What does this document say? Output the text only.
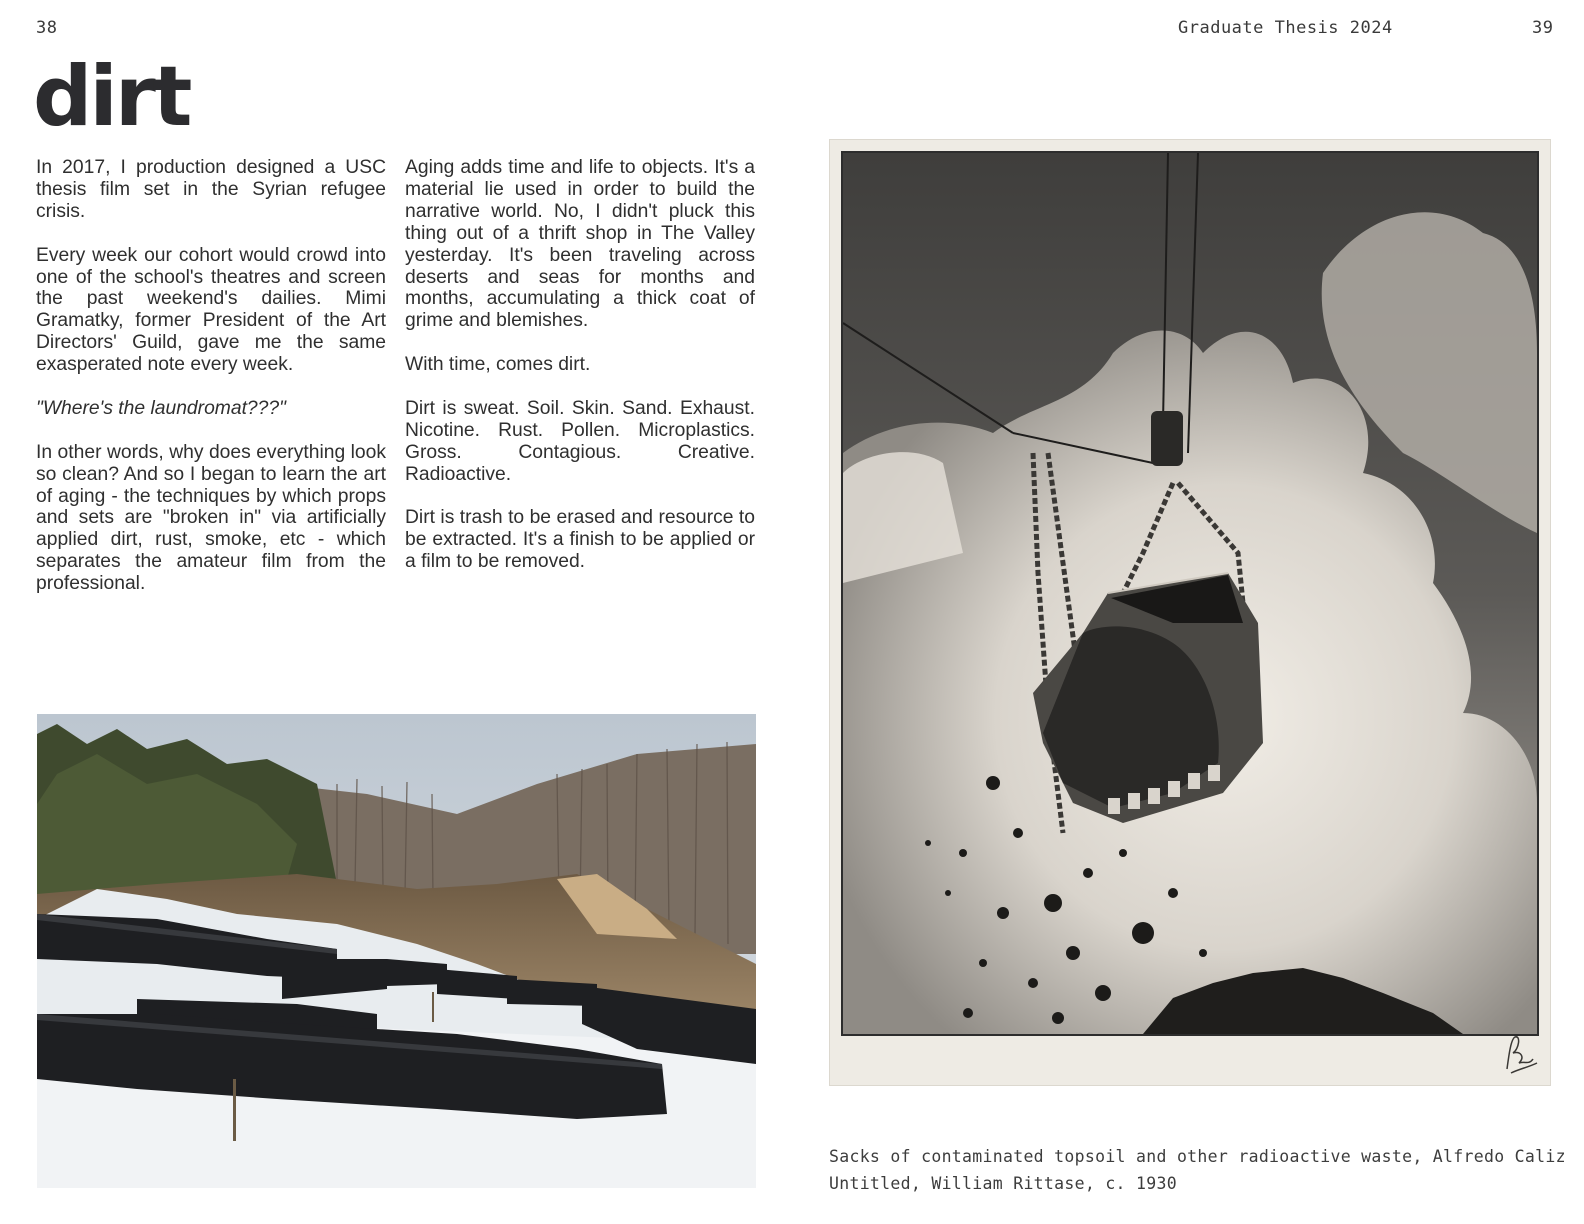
38	Graduate Thesis 2024	39
dirt

In 2017, I production designed a USC thesis film set in the Syrian refugee crisis.

Every week our cohort would crowd into one of the school's theatres and screen the past weekend's dailies. Mimi Gramatky, former President of the Art Directors' Guild, gave me the same exasperated note every week.

"Where's the laundromat???"

In other words, why does everything look so clean? And so I began to learn the art of aging - the techniques by which props and sets are "broken in" via artificially applied dirt, rust, smoke, etc - which separates the amateur film from the professional.

Aging adds time and life to objects. It's a material lie used in order to build the narrative world. No, I didn't pluck this thing out of a thrift shop in The Valley yesterday. It's been traveling across deserts and seas for months and months, accumulating a thick coat of grime and blemishes.

With time, comes dirt.

Dirt is sweat. Soil. Skin. Sand. Exhaust. Nicotine. Rust. Pollen. Microplastics. Gross. Contagious. Creative. Radioactive.

Dirt is trash to be erased and resource to be extracted. It's a finish to be applied or a film to be removed.

Sacks of contaminated topsoil and other radioactive waste, Alfredo Caliz
Untitled, William Rittase, c. 1930
